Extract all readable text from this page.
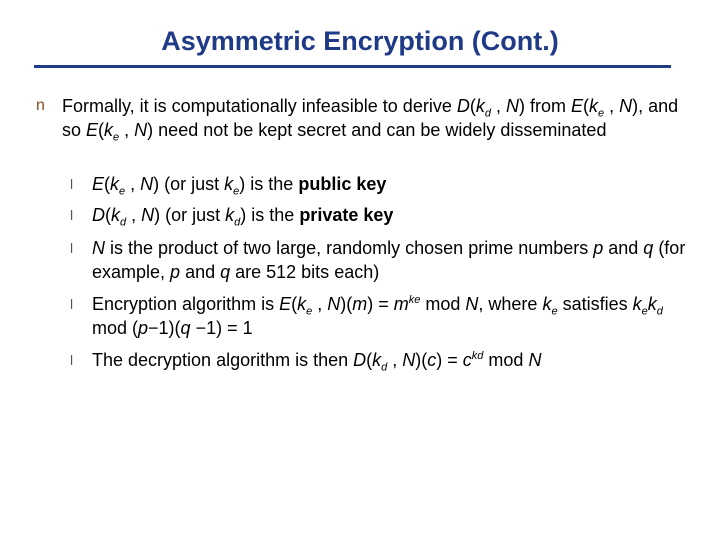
Asymmetric Encryption (Cont.)
n Formally, it is computationally infeasible to derive $D(k_d$ , N) from $E(k_e$ , N), and so $E(k_e$ , N) need not be kept secret and can be widely disseminated
l $E(k_e$ , N) (or just $k_e$) is the public key
l $D(k_d$ , N) (or just $k_d$) is the private key
l N is the product of two large, randomly chosen prime numbers p and q (for example, p and q are 512 bits each)
l Encryption algorithm is $E(k_e$ , $N)(m) = m^{ke}$ mod N, where $k_e$ satisfies $k_ek_d$ mod (p−1)(q −1) = 1
l The decryption algorithm is then $D(k_d$ , $N)(c) = c^{kd}$ mod N
